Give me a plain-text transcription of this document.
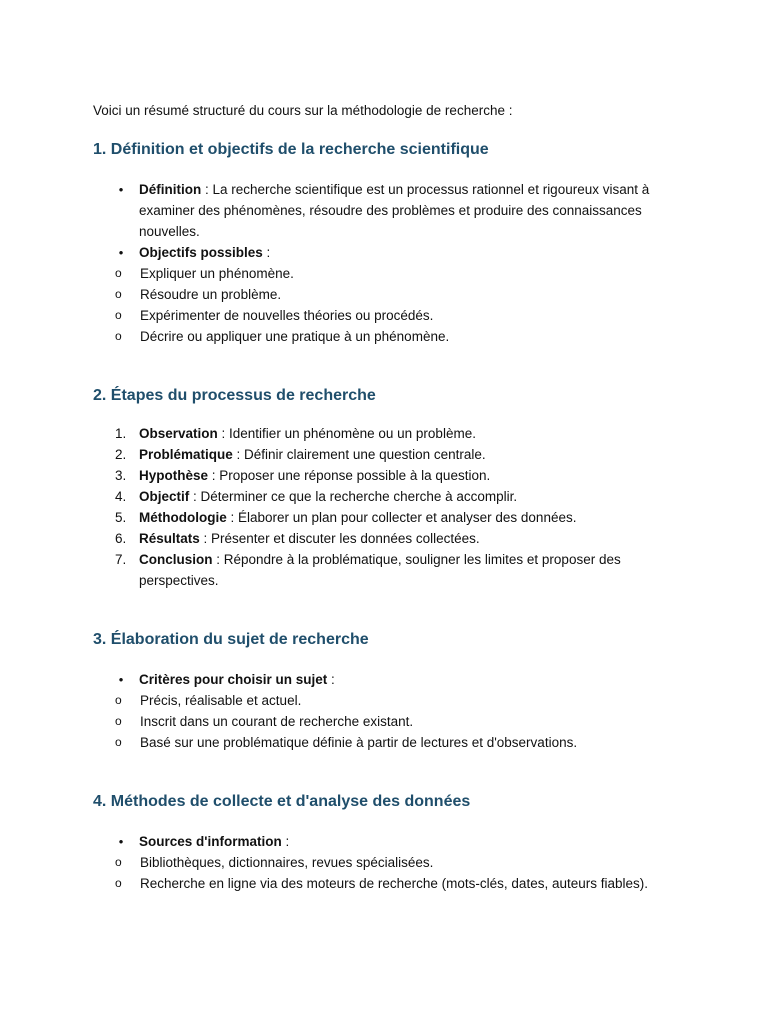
Voici un résumé structuré du cours sur la méthodologie de recherche :

1. Définition et objectifs de la recherche scientifique
• Définition : La recherche scientifique est un processus rationnel et rigoureux visant à examiner des phénomènes, résoudre des problèmes et produire des connaissances nouvelles.
• Objectifs possibles :
o	Expliquer un phénomène.
o	Résoudre un problème.
o	Expérimenter de nouvelles théories ou procédés.
o	Décrire ou appliquer une pratique à un phénomène.
2. Étapes du processus de recherche
1. Observation : Identifier un phénomène ou un problème.
2. Problématique : Définir clairement une question centrale.
3. Hypothèse : Proposer une réponse possible à la question.
4. Objectif : Déterminer ce que la recherche cherche à accomplir.
5. Méthodologie : Élaborer un plan pour collecter et analyser des données.
6. Résultats : Présenter et discuter les données collectées.
7. Conclusion : Répondre à la problématique, souligner les limites et proposer des perspectives.
3. Élaboration du sujet de recherche
• Critères pour choisir un sujet :
o	Précis, réalisable et actuel.
o	Inscrit dans un courant de recherche existant.
o	Basé sur une problématique définie à partir de lectures et d'observations.
4. Méthodes de collecte et d'analyse des données
• Sources d'information :
o	Bibliothèques, dictionnaires, revues spécialisées.
o	Recherche en ligne via des moteurs de recherche (mots-clés, dates, auteurs fiables).
